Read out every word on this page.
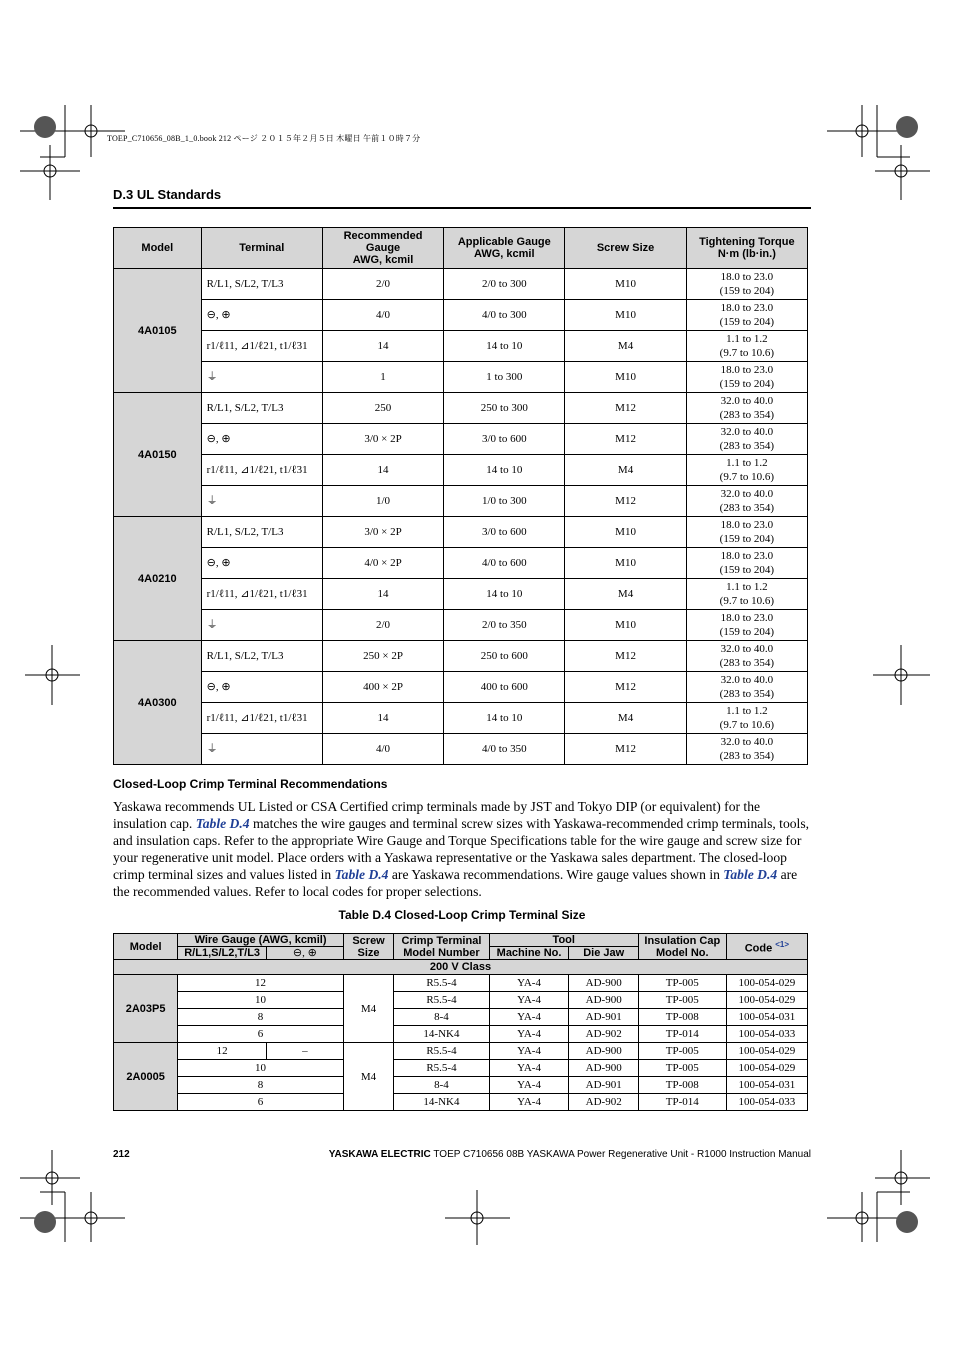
TOEP_C710656_08B_1_0.book 212 ページ ２０１５年２月５日 木曜日 午前１０時７分
D.3 UL Standards
Model	Terminal	Recommended
Gauge
AWG, kcmil	Applicable Gauge
AWG, kcmil	Screw Size	Tightening Torque
N·m (lb·in.)
4A0105	R/L1, S/L2, T/L3	2/0	2/0 to 300	M10	18.0 to 23.0
(159 to 204)
	⊖, ⊕	4/0	4/0 to 300	M10	18.0 to 23.0
(159 to 204)
	r1/ℓ11, ⊿1/ℓ21, t1/ℓ31	14	14 to 10	M4	1.1 to 1.2
(9.7 to 10.6)
	⏚	1	1 to 300	M10	18.0 to 23.0
(159 to 204)
4A0150	R/L1, S/L2, T/L3	250	250 to 300	M12	32.0 to 40.0
(283 to 354)
	⊖, ⊕	3/0 × 2P	3/0 to 600	M12	32.0 to 40.0
(283 to 354)
	r1/ℓ11, ⊿1/ℓ21, t1/ℓ31	14	14 to 10	M4	1.1 to 1.2
(9.7 to 10.6)
	⏚	1/0	1/0 to 300	M12	32.0 to 40.0
(283 to 354)
4A0210	R/L1, S/L2, T/L3	3/0 × 2P	3/0 to 600	M10	18.0 to 23.0
(159 to 204)
	⊖, ⊕	4/0 × 2P	4/0 to 600	M10	18.0 to 23.0
(159 to 204)
	r1/ℓ11, ⊿1/ℓ21, t1/ℓ31	14	14 to 10	M4	1.1 to 1.2
(9.7 to 10.6)
	⏚	2/0	2/0 to 350	M10	18.0 to 23.0
(159 to 204)
4A0300	R/L1, S/L2, T/L3	250 × 2P	250 to 600	M12	32.0 to 40.0
(283 to 354)
	⊖, ⊕	400 × 2P	400 to 600	M12	32.0 to 40.0
(283 to 354)
	r1/ℓ11, ⊿1/ℓ21, t1/ℓ31	14	14 to 10	M4	1.1 to 1.2
(9.7 to 10.6)
	⏚	4/0	4/0 to 350	M12	32.0 to 40.0
(283 to 354)
Closed-Loop Crimp Terminal Recommendations
Yaskawa recommends UL Listed or CSA Certified crimp terminals made by JST and Tokyo DIP (or equivalent) for the insulation cap. Table D.4 matches the wire gauges and terminal screw sizes with Yaskawa-recommended crimp terminals, tools, and insulation caps. Refer to the appropriate Wire Gauge and Torque Specifications table for the wire gauge and screw size for your regenerative unit model. Place orders with a Yaskawa representative or the Yaskawa sales department. The closed-loop crimp terminal sizes and values listed in Table D.4 are Yaskawa recommendations. Wire gauge values shown in Table D.4 are the recommended values. Refer to local codes for proper selections.
Table D.4 Closed-Loop Crimp Terminal Size
Model	Wire Gauge (AWG, kcmil)		Screw
Size	Crimp Terminal
Model Number	Tool		Insulation Cap
Model No.	Code $^{<1>}$
	R/L1,S/L2,T/L3	⊖, ⊕			Machine No.	Die Jaw		
200 V Class								
2A03P5	12		M4	R5.5-4	YA-4	AD-900	TP-005	100-054-029
	10			R5.5-4	YA-4	AD-900	TP-005	100-054-029
	8			8-4	YA-4	AD-901	TP-008	100-054-031
	6			14-NK4	YA-4	AD-902	TP-014	100-054-033
2A0005	12	–	M4	R5.5-4	YA-4	AD-900	TP-005	100-054-029
	10			R5.5-4	YA-4	AD-900	TP-005	100-054-029
	8			8-4	YA-4	AD-901	TP-008	100-054-031
	6			14-NK4	YA-4	AD-902	TP-014	100-054-033
212	YASKAWA ELECTRIC TOEP C710656 08B YASKAWA Power Regenerative Unit - R1000 Instruction Manual
